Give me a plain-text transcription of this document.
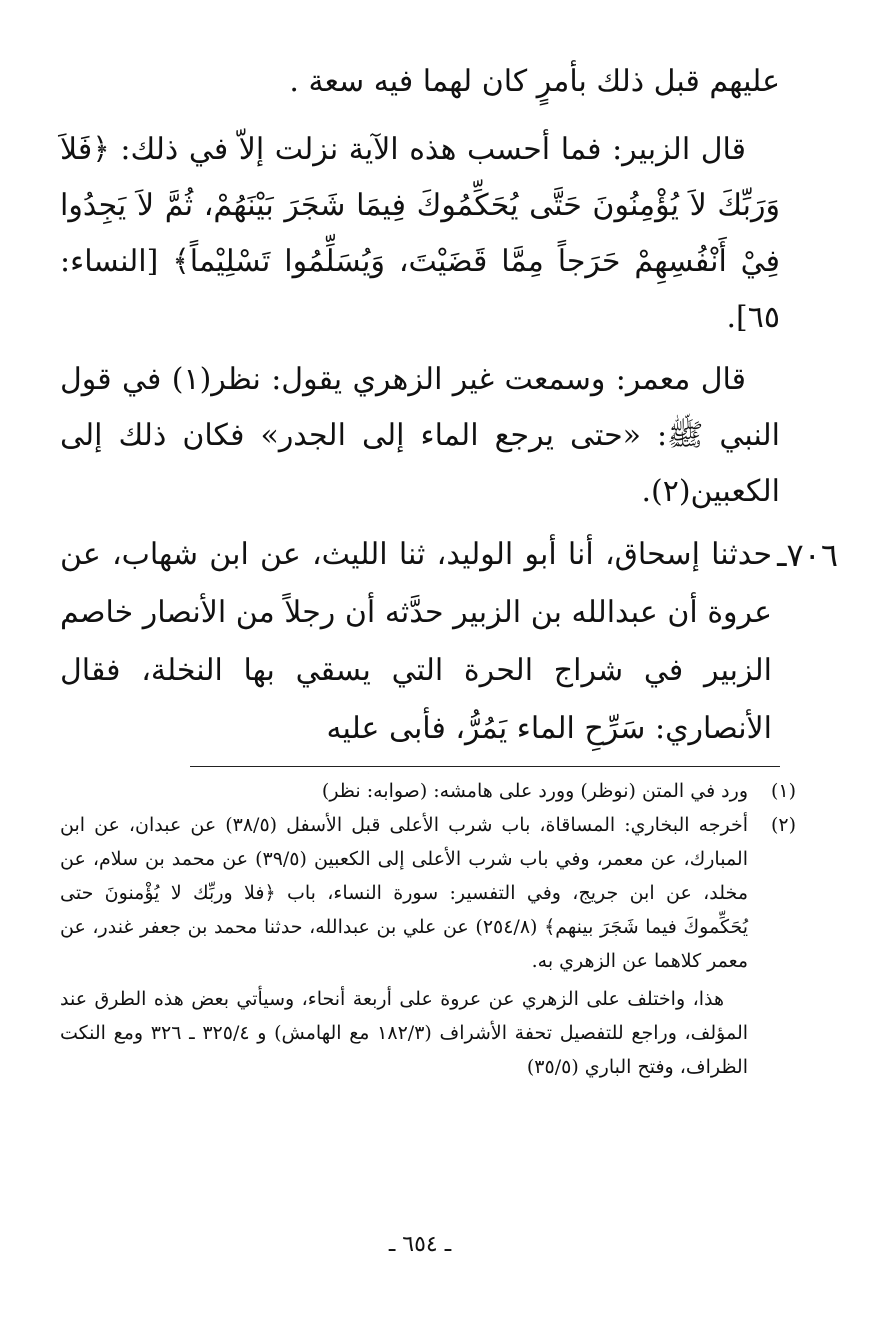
عليهم قبل ذلك بأمرٍ كان لهما فيه سعة .

قال الزبير: فما أحسب هذه الآية نزلت إلاّ في ذلك: ﴿فَلاَ وَرَبِّكَ لاَ يُؤْمِنُونَ حَتَّى يُحَكِّمُوكَ فِيمَا شَجَرَ بَيْنَهُمْ، ثُمَّ لاَ يَجِدُوا فِيْ أَنْفُسِهِمْ حَرَجاً مِمَّا قَضَيْتَ، وَيُسَلِّمُوا تَسْلِيْماً﴾ [النساء: ٦٥].

قال معمر: وسمعت غير الزهري يقول: نظر(١) في قول النبي ﷺ: «حتى يرجع الماء إلى الجدر» فكان ذلك إلى الكعبين(٢).

٧٠٦ـ

حدثنا إسحاق، أنا أبو الوليد، ثنا الليث، عن ابن شهاب، عن عروة أن عبدالله بن الزبير حدَّثه أن رجلاً من الأنصار خاصم الزبير في شراج الحرة التي يسقي بها النخلة، فقال الأنصاري: سَرِّحِ الماء يَمُرُّ، فأبى عليه

(١)
ورد في المتن (نوظر) وورد على هامشه: (صوابه: نظر)
(٢)
أخرجه البخاري: المساقاة، باب شرب الأعلى قبل الأسفل (٣٨/٥) عن عبدان، عن ابن المبارك، عن معمر، وفي باب شرب الأعلى إلى الكعبين (٣٩/٥) عن محمد بن سلام، عن مخلد، عن ابن جريج، وفي التفسير: سورة النساء، باب ﴿فلا وربِّك لا يُؤْمنونَ حتى يُحَكِّموكَ فيما شَجَرَ بينهم﴾ (٢٥٤/٨) عن علي بن عبدالله، حدثنا محمد بن جعفر غندر، عن معمر كلاهما عن الزهري به.
هذا، واختلف على الزهري عن عروة على أربعة أنحاء، وسيأتي بعض هذه الطرق عند المؤلف، وراجع للتفصيل تحفة الأشراف (١٨٢/٣ مع الهامش) و ٣٢٥/٤ ـ ٣٢٦ ومع النكت الظراف، وفتح الباري (٣٥/٥)
ـ ٦٥٤ ـ
